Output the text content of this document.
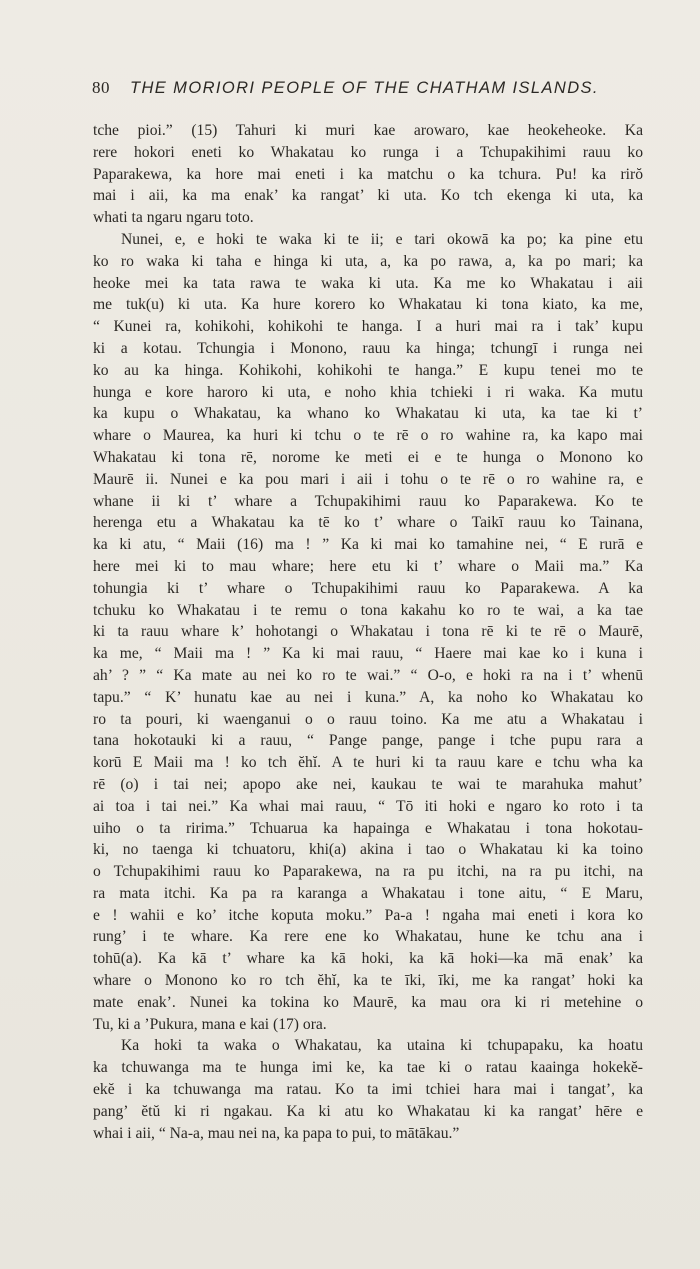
80 THE MORIORI PEOPLE OF THE CHATHAM ISLANDS.
tche pioi.” (15) Tahuri ki muri kae arowaro, kae heokeheoke. Ka
rere hokori eneti ko Whakatau ko runga i a Tchupakihimi rauu ko
Paparakewa, ka hore mai eneti i ka matchu o ka tchura. Pu! ka rirŏ
mai i aii, ka ma enak’ ka rangat’ ki uta. Ko tch ekenga ki uta, ka
whati ta ngaru ngaru toto.
Nunei, e, e hoki te waka ki te ii; e tari okowā ka po; ka pine etu
ko ro waka ki taha e hinga ki uta, a, ka po rawa, a, ka po mari; ka
heoke mei ka tata rawa te waka ki uta. Ka me ko Whakatau i aii
me tuk(u) ki uta. Ka hure korero ko Whakatau ki tona kiato, ka me,
“ Kunei ra, kohikohi, kohikohi te hanga. I a huri mai ra i tak’ kupu
ki a kotau. Tchungia i Monono, rauu ka hinga; tchungī i runga nei
ko au ka hinga. Kohikohi, kohikohi te hanga.” E kupu tenei mo te
hunga e kore haroro ki uta, e noho khia tchieki i ri waka. Ka mutu
ka kupu o Whakatau, ka whano ko Whakatau ki uta, ka tae ki t’
whare o Maurea, ka huri ki tchu o te rē o ro wahine ra, ka kapo mai
Whakatau ki tona rē, norome ke meti ei e te hunga o Monono ko
Maurē ii. Nunei e ka pou mari i aii i tohu o te rē o ro wahine ra, e
whane ii ki t’ whare a Tchupakihimi rauu ko Paparakewa. Ko te
herenga etu a Whakatau ka tē ko t’ whare o Taikī rauu ko Tainana,
ka ki atu, “ Maii (16) ma ! ” Ka ki mai ko tamahine nei, “ E rurā e
here mei ki to mau whare; here etu ki t’ whare o Maii ma.” Ka
tohungia ki t’ whare o Tchupakihimi rauu ko Paparakewa. A ka
tchuku ko Whakatau i te remu o tona kakahu ko ro te wai, a ka tae
ki ta rauu whare k’ hohotangi o Whakatau i tona rē ki te rē o Maurē,
ka me, “ Maii ma ! ” Ka ki mai rauu, “ Haere mai kae ko i kuna i
ah’ ? ” “ Ka mate au nei ko ro te wai.” “ O-o, e hoki ra na i t’ whenū
tapu.” “ K’ hunatu kae au nei i kuna.” A, ka noho ko Whakatau ko
ro ta pouri, ki waenganui o o rauu toino. Ka me atu a Whakatau i
tana hokotauki ki a rauu, “ Pange pange, pange i tche pupu rara a
korū E Maii ma ! ko tch ĕhĭ. A te huri ki ta rauu kare e tchu wha ka
rē (o) i tai nei; apopo ake nei, kaukau te wai te marahuka mahut’
ai toa i tai nei.” Ka whai mai rauu, “ Tō iti hoki e ngaro ko roto i ta
uiho o ta ririma.” Tchuarua ka hapainga e Whakatau i tona hokotau-
ki, no taenga ki tchuatoru, khi(a) akina i tao o Whakatau ki ka toino
o Tchupakihimi rauu ko Paparakewa, na ra pu itchi, na ra pu itchi, na
ra mata itchi. Ka pa ra karanga a Whakatau i tone aitu, “ E Maru,
e ! wahii e ko’ itche koputa moku.” Pa-a ! ngaha mai eneti i kora ko
rung’ i te whare. Ka rere ene ko Whakatau, hune ke tchu ana i
tohū(a). Ka kā t’ whare ka kā hoki, ka kā hoki—ka mā enak’ ka
whare o Monono ko ro tch ĕhĭ, ka te īki, īki, me ka rangat’ hoki ka
mate enak’. Nunei ka tokina ko Maurē, ka mau ora ki ri metehine o
Tu, ki a ’Pukura, mana e kai (17) ora.
Ka hoki ta waka o Whakatau, ka utaina ki tchupapaku, ka hoatu
ka tchuwanga ma te hunga imi ke, ka tae ki o ratau kaainga hokekĕ-
ekĕ i ka tchuwanga ma ratau. Ko ta imi tchiei hara mai i tangat’, ka
pang’ ĕtŭ ki ri ngakau. Ka ki atu ko Whakatau ki ka rangat’ hēre e
whai i aii, “ Na-a, mau nei na, ka papa to pui, to mātākau.”
